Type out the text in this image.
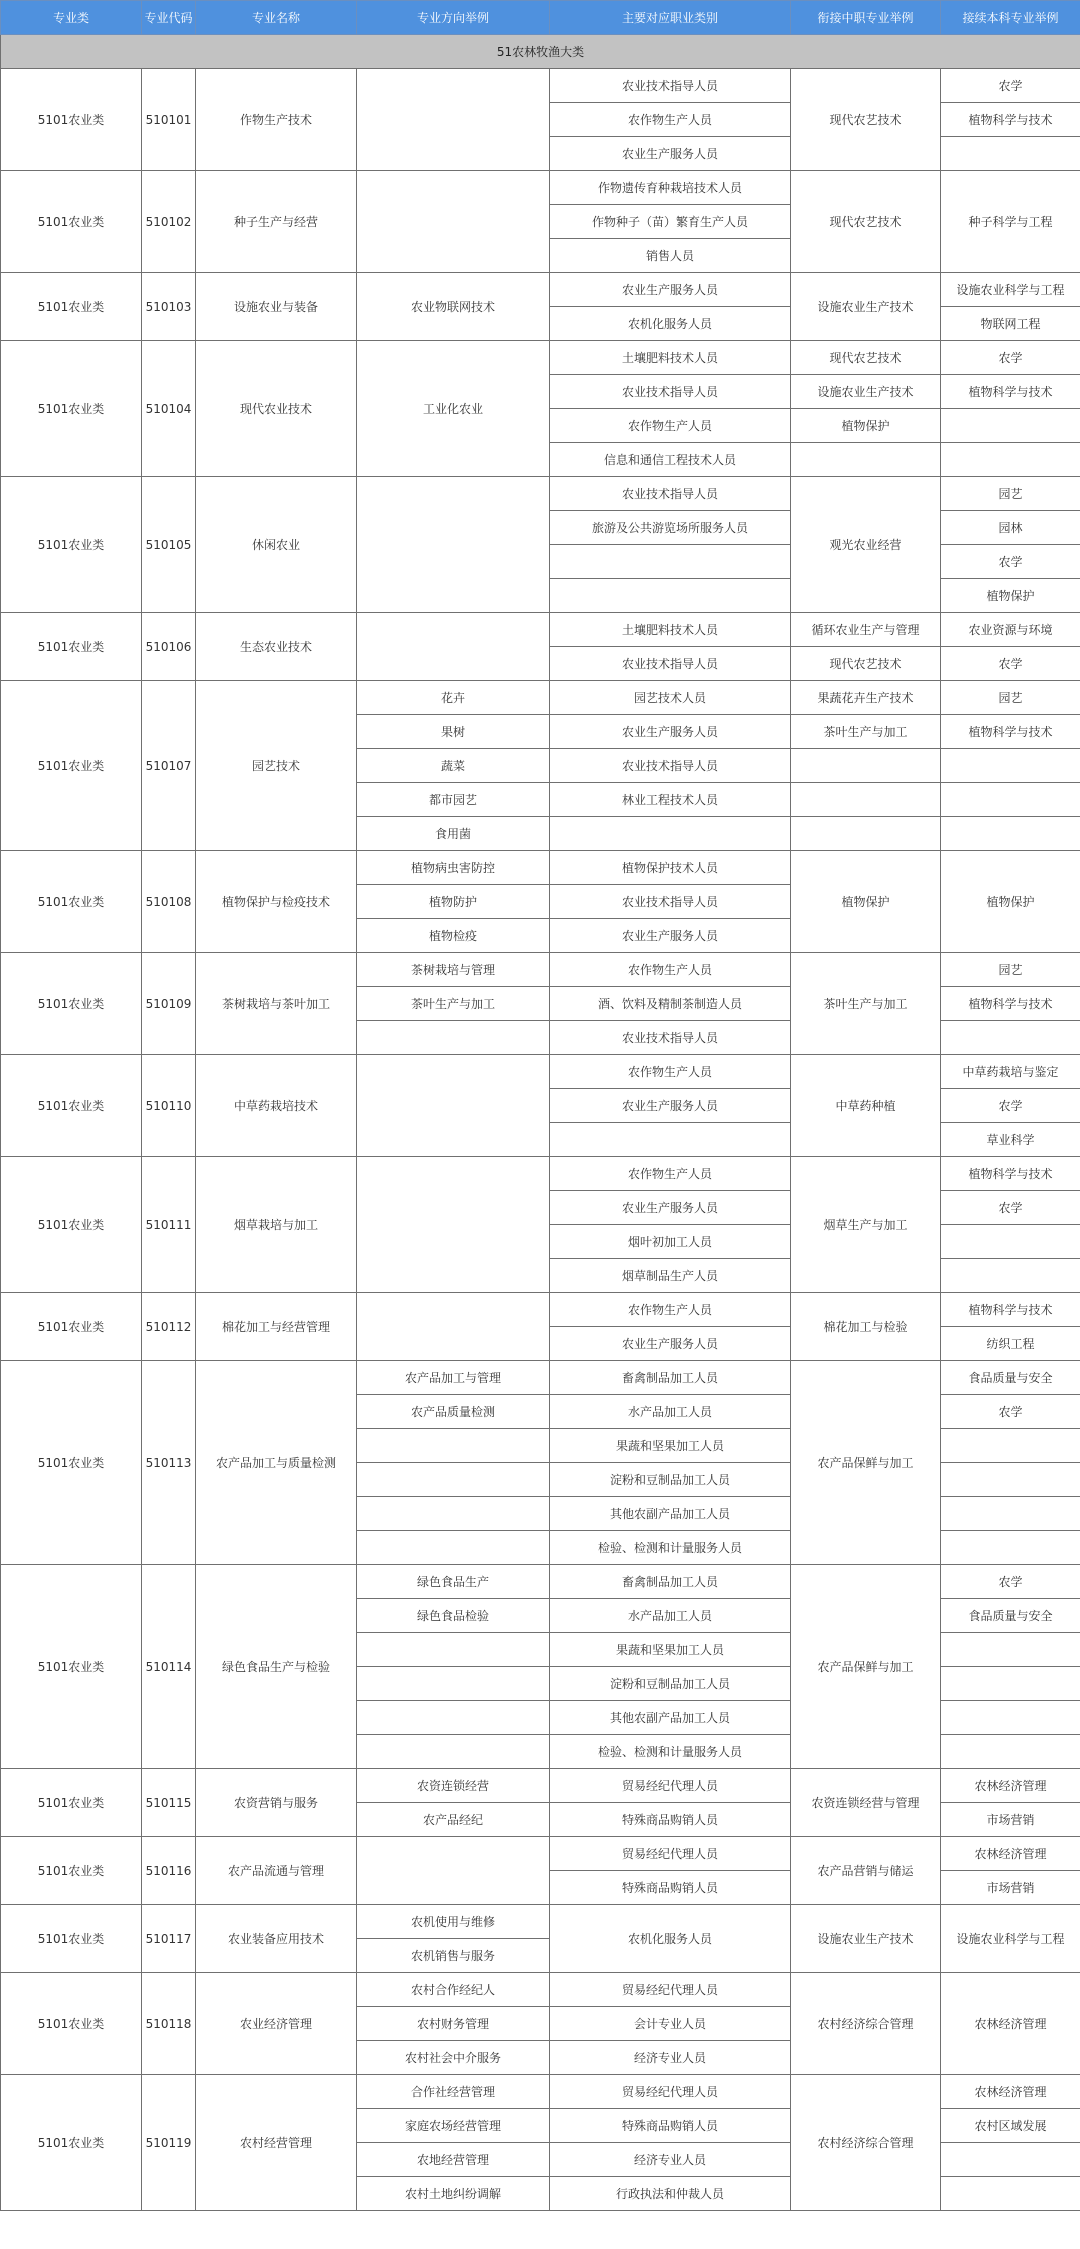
专业类	专业代码	专业名称	专业方向举例	主要对应职业类别	衔接中职专业举例	接续本科专业举例
51农林牧渔大类						
5101农业类	510101	作物生产技术		农业技术指导人员	现代农艺技术	农学
				农作物生产人员		植物科学与技术
				农业生产服务人员		
5101农业类	510102	种子生产与经营		作物遗传育种栽培技术人员	现代农艺技术	种子科学与工程
				作物种子（苗）繁育生产人员		
				销售人员		
5101农业类	510103	设施农业与装备	农业物联网技术	农业生产服务人员	设施农业生产技术	设施农业科学与工程
				农机化服务人员		物联网工程
5101农业类	510104	现代农业技术	工业化农业	土壤肥料技术人员	现代农艺技术	农学
				农业技术指导人员	设施农业生产技术	植物科学与技术
				农作物生产人员	植物保护	
				信息和通信工程技术人员		
5101农业类	510105	休闲农业		农业技术指导人员	观光农业经营	园艺
				旅游及公共游览场所服务人员		园林
						农学
						植物保护
5101农业类	510106	生态农业技术		土壤肥料技术人员	循环农业生产与管理	农业资源与环境
				农业技术指导人员	现代农艺技术	农学
5101农业类	510107	园艺技术	花卉	园艺技术人员	果蔬花卉生产技术	园艺
			果树	农业生产服务人员	茶叶生产与加工	植物科学与技术
			蔬菜	农业技术指导人员		
			都市园艺	林业工程技术人员		
			食用菌			
5101农业类	510108	植物保护与检疫技术	植物病虫害防控	植物保护技术人员	植物保护	植物保护
			植物防护	农业技术指导人员		
			植物检疫	农业生产服务人员		
5101农业类	510109	茶树栽培与茶叶加工	茶树栽培与管理	农作物生产人员	茶叶生产与加工	园艺
			茶叶生产与加工	酒、饮料及精制茶制造人员		植物科学与技术
				农业技术指导人员		
5101农业类	510110	中草药栽培技术		农作物生产人员	中草药种植	中草药栽培与鉴定
				农业生产服务人员		农学
						草业科学
5101农业类	510111	烟草栽培与加工		农作物生产人员	烟草生产与加工	植物科学与技术
				农业生产服务人员		农学
				烟叶初加工人员		
				烟草制品生产人员		
5101农业类	510112	棉花加工与经营管理		农作物生产人员	棉花加工与检验	植物科学与技术
				农业生产服务人员		纺织工程
5101农业类	510113	农产品加工与质量检测	农产品加工与管理	畜禽制品加工人员	农产品保鲜与加工	食品质量与安全
			农产品质量检测	水产品加工人员		农学
				果蔬和坚果加工人员		
				淀粉和豆制品加工人员		
				其他农副产品加工人员		
				检验、检测和计量服务人员		
5101农业类	510114	绿色食品生产与检验	绿色食品生产	畜禽制品加工人员	农产品保鲜与加工	农学
			绿色食品检验	水产品加工人员		食品质量与安全
				果蔬和坚果加工人员		
				淀粉和豆制品加工人员		
				其他农副产品加工人员		
				检验、检测和计量服务人员		
5101农业类	510115	农资营销与服务	农资连锁经营	贸易经纪代理人员	农资连锁经营与管理	农林经济管理
			农产品经纪	特殊商品购销人员		市场营销
5101农业类	510116	农产品流通与管理		贸易经纪代理人员	农产品营销与储运	农林经济管理
				特殊商品购销人员		市场营销
5101农业类	510117	农业装备应用技术	农机使用与维修	农机化服务人员	设施农业生产技术	设施农业科学与工程
			农机销售与服务			
5101农业类	510118	农业经济管理	农村合作经纪人	贸易经纪代理人员	农村经济综合管理	农林经济管理
			农村财务管理	会计专业人员		
			农村社会中介服务	经济专业人员		
5101农业类	510119	农村经营管理	合作社经营管理	贸易经纪代理人员	农村经济综合管理	农林经济管理
			家庭农场经营管理	特殊商品购销人员		农村区域发展
			农地经营管理	经济专业人员		
			农村土地纠纷调解	行政执法和仲裁人员		
